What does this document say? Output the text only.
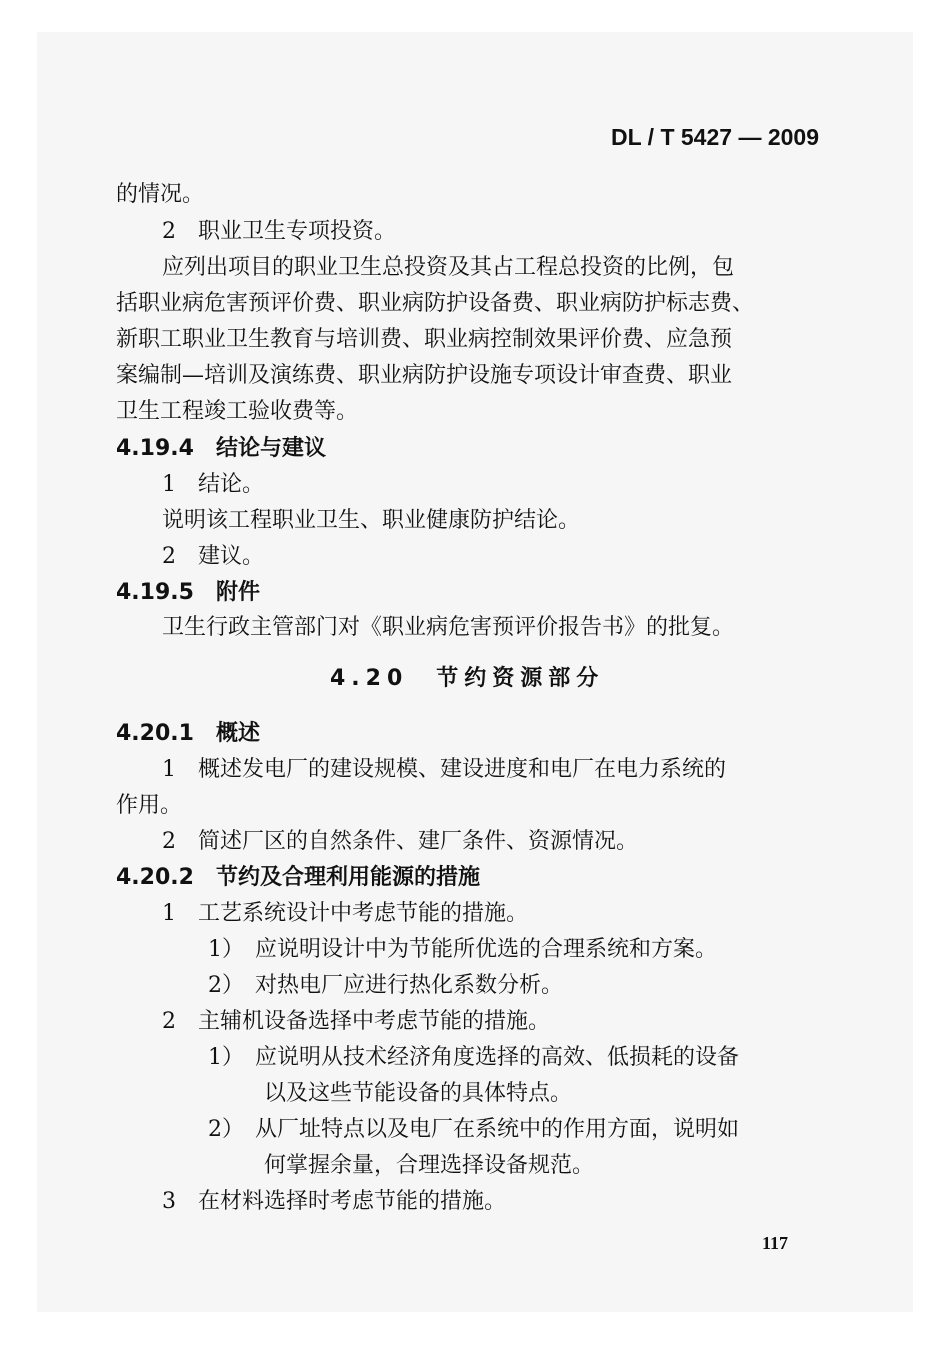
DL / T 5427 — 2009
的情况。
2　职业卫生专项投资。
应列出项目的职业卫生总投资及其占工程总投资的比例，包
括职业病危害预评价费、职业病防护设备费、职业病防护标志费、
新职工职业卫生教育与培训费、职业病控制效果评价费、应急预
案编制—培训及演练费、职业病防护设施专项设计审查费、职业
卫生工程竣工验收费等。
4.19.4　结论与建议
1　结论。
说明该工程职业卫生、职业健康防护结论。
2　建议。
4.19.5　附件
卫生行政主管部门对《职业病危害预评价报告书》的批复。
4.20　节约资源部分
4.20.1　概述
1　概述发电厂的建设规模、建设进度和电厂在电力系统的
作用。
2　简述厂区的自然条件、建厂条件、资源情况。
4.20.2　节约及合理利用能源的措施
1　工艺系统设计中考虑节能的措施。
1）　应说明设计中为节能所优选的合理系统和方案。
2）　对热电厂应进行热化系数分析。
2　主辅机设备选择中考虑节能的措施。
1）　应说明从技术经济角度选择的高效、低损耗的设备
以及这些节能设备的具体特点。
2）　从厂址特点以及电厂在系统中的作用方面，说明如
何掌握余量，合理选择设备规范。
3　在材料选择时考虑节能的措施。
117
